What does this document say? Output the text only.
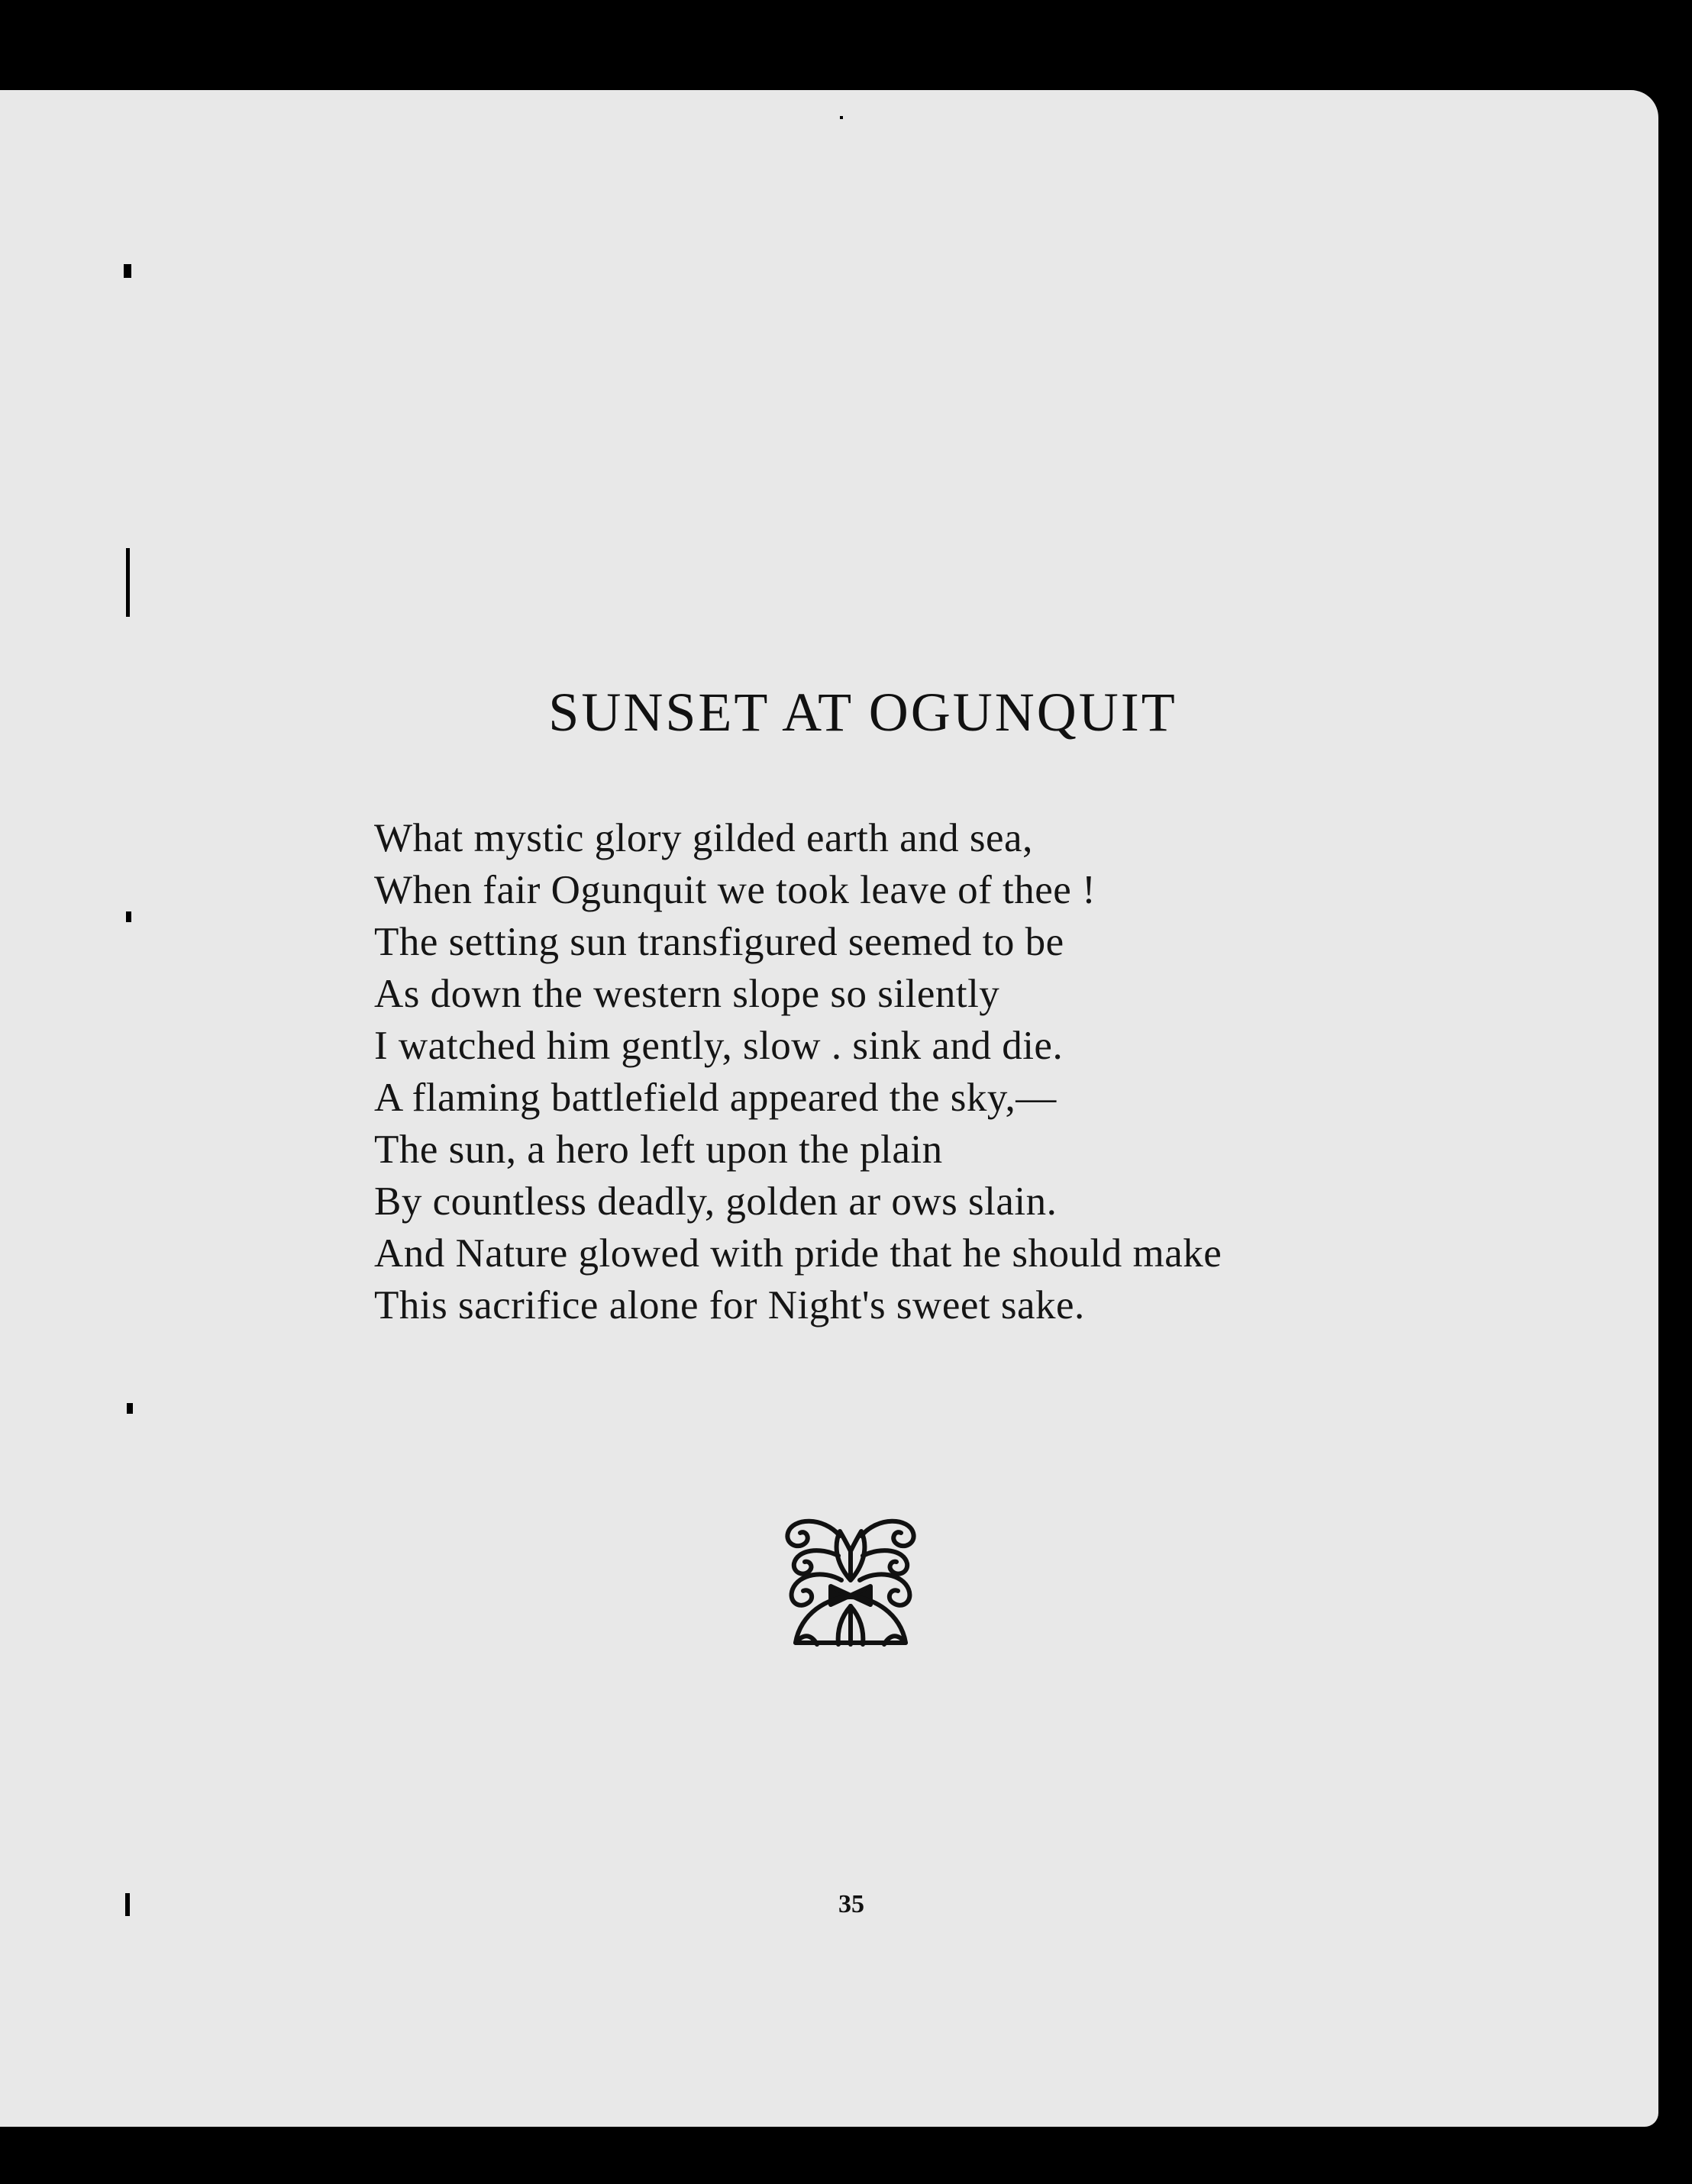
SUNSET AT OGUNQUIT
What mystic glory gilded earth and sea,
When fair Ogunquit we took leave of thee !
The setting sun transfigured seemed to be
As down the western slope so silently
I watched him gently, slow . sink and die.
A flaming battlefield appeared the sky,—
The sun, a hero left upon the plain
By countless deadly, golden ar ows slain.
And Nature glowed with pride that he should make
This sacrifice alone for Night's sweet sake.
35
